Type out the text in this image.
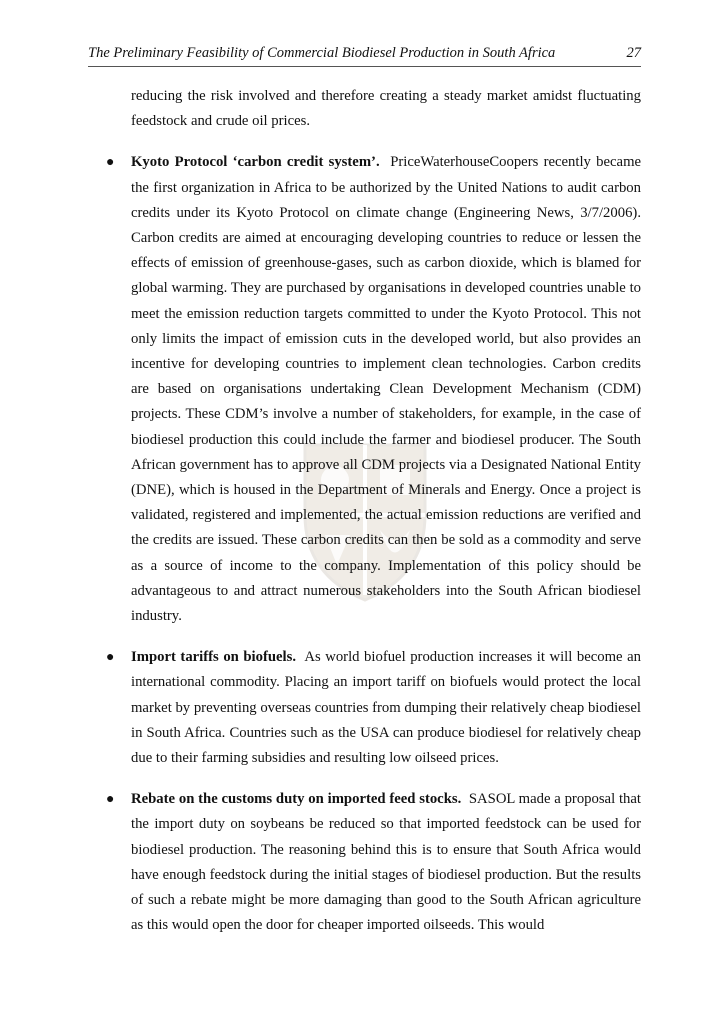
The Preliminary Feasibility of Commercial Biodiesel Production in South Africa	27

reducing the risk involved and therefore creating a steady market amidst fluctuating feedstock and crude oil prices.

● Kyoto Protocol ‘carbon credit system’. PriceWaterhouseCoopers recently became the first organization in Africa to be authorized by the United Nations to audit carbon credits under its Kyoto Protocol on climate change (Engineering News, 3/7/2006). Carbon credits are aimed at encouraging developing countries to reduce or lessen the effects of emission of greenhouse-gases, such as carbon dioxide, which is blamed for global warming. They are purchased by organisations in developed countries unable to meet the emission reduction targets committed to under the Kyoto Protocol. This not only limits the impact of emission cuts in the developed world, but also provides an incentive for developing countries to implement clean technologies. Carbon credits are based on organisations undertaking Clean Development Mechanism (CDM) projects. These CDM’s involve a number of stakeholders, for example, in the case of biodiesel production this could include the farmer and biodiesel producer. The South African government has to approve all CDM projects via a Designated National Entity (DNE), which is housed in the Department of Minerals and Energy. Once a project is validated, registered and implemented, the actual emission reductions are verified and the credits are issued. These carbon credits can then be sold as a commodity and serve as a source of income to the company. Implementation of this policy should be advantageous to and attract numerous stakeholders into the South African biodiesel industry.
● Import tariffs on biofuels. As world biofuel production increases it will become an international commodity. Placing an import tariff on biofuels would protect the local market by preventing overseas countries from dumping their relatively cheap biodiesel in South Africa. Countries such as the USA can produce biodiesel for relatively cheap due to their farming subsidies and resulting low oilseed prices.
● Rebate on the customs duty on imported feed stocks. SASOL made a proposal that the import duty on soybeans be reduced so that imported feedstock can be used for biodiesel production. The reasoning behind this is to ensure that South Africa would have enough feedstock during the initial stages of biodiesel production. But the results of such a rebate might be more damaging than good to the South African agriculture as this would open the door for cheaper imported oilseeds. This would
